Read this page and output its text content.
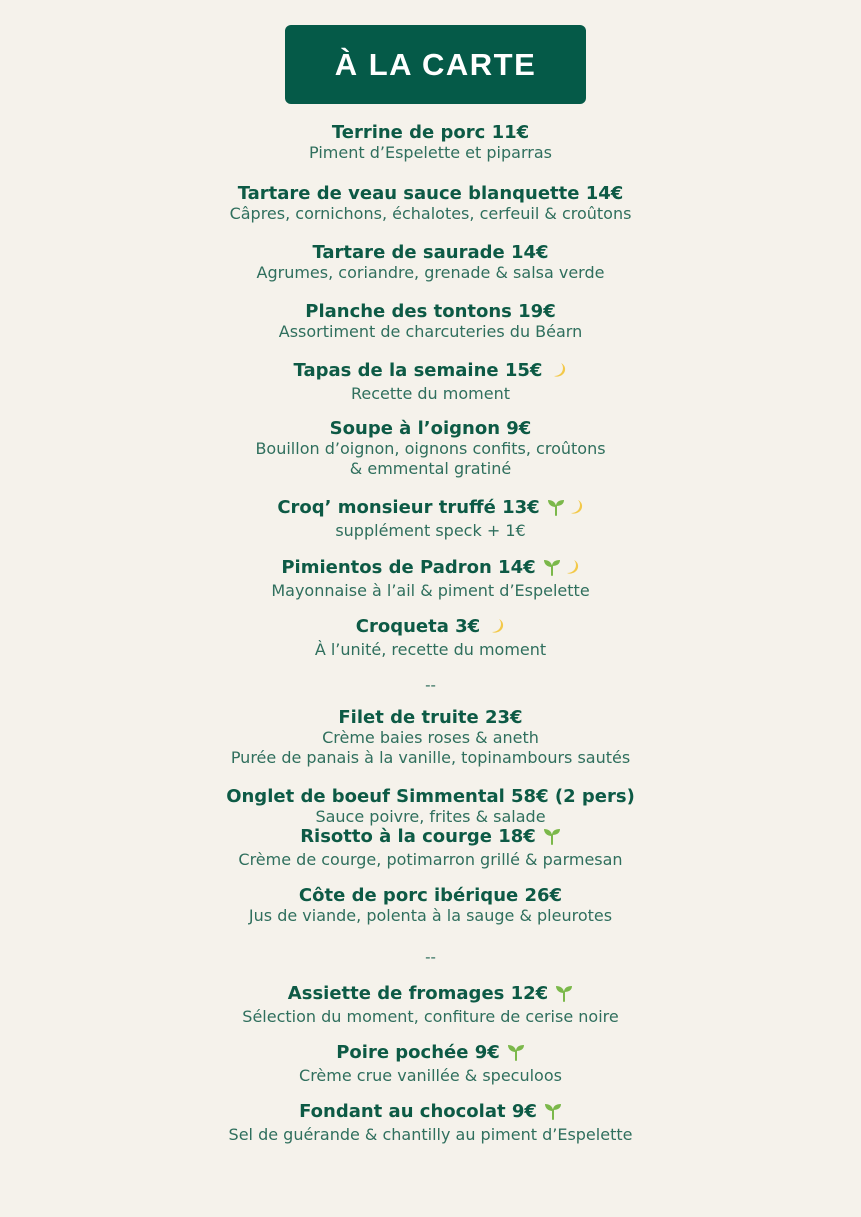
À LA CARTE
Terrine de porc 11€
Piment d’Espelette et piparras
Tartare de veau sauce blanquette 14€
Câpres, cornichons, échalotes, cerfeuil & croûtons
Tartare de saurade 14€
Agrumes, coriandre, grenade & salsa verde
Planche des tontons 19€
Assortiment de charcuteries du Béarn
Tapas de la semaine 15€
Recette du moment
Soupe à l’oignon 9€
Bouillon d’oignon, oignons confits, croûtons
& emmental gratiné
Croq’ monsieur truffé 13€
supplément speck + 1€
Pimientos de Padron 14€
Mayonnaise à l’ail & piment d’Espelette
Croqueta 3€
À l’unité, recette du moment
Filet de truite 23€
Crème baies roses & aneth
Purée de panais à la vanille, topinambours sautés
Onglet de boeuf Simmental 58€ (2 pers)
Sauce poivre, frites & salade
Risotto à la courge 18€
Crème de courge, potimarron grillé & parmesan
Côte de porc ibérique 26€
Jus de viande, polenta à la sauge & pleurotes
Assiette de fromages 12€
Sélection du moment, confiture de cerise noire
Poire pochée 9€
Crème crue vanillée & speculoos
Fondant au chocolat 9€
Sel de guérande & chantilly au piment d’Espelette
--
--
